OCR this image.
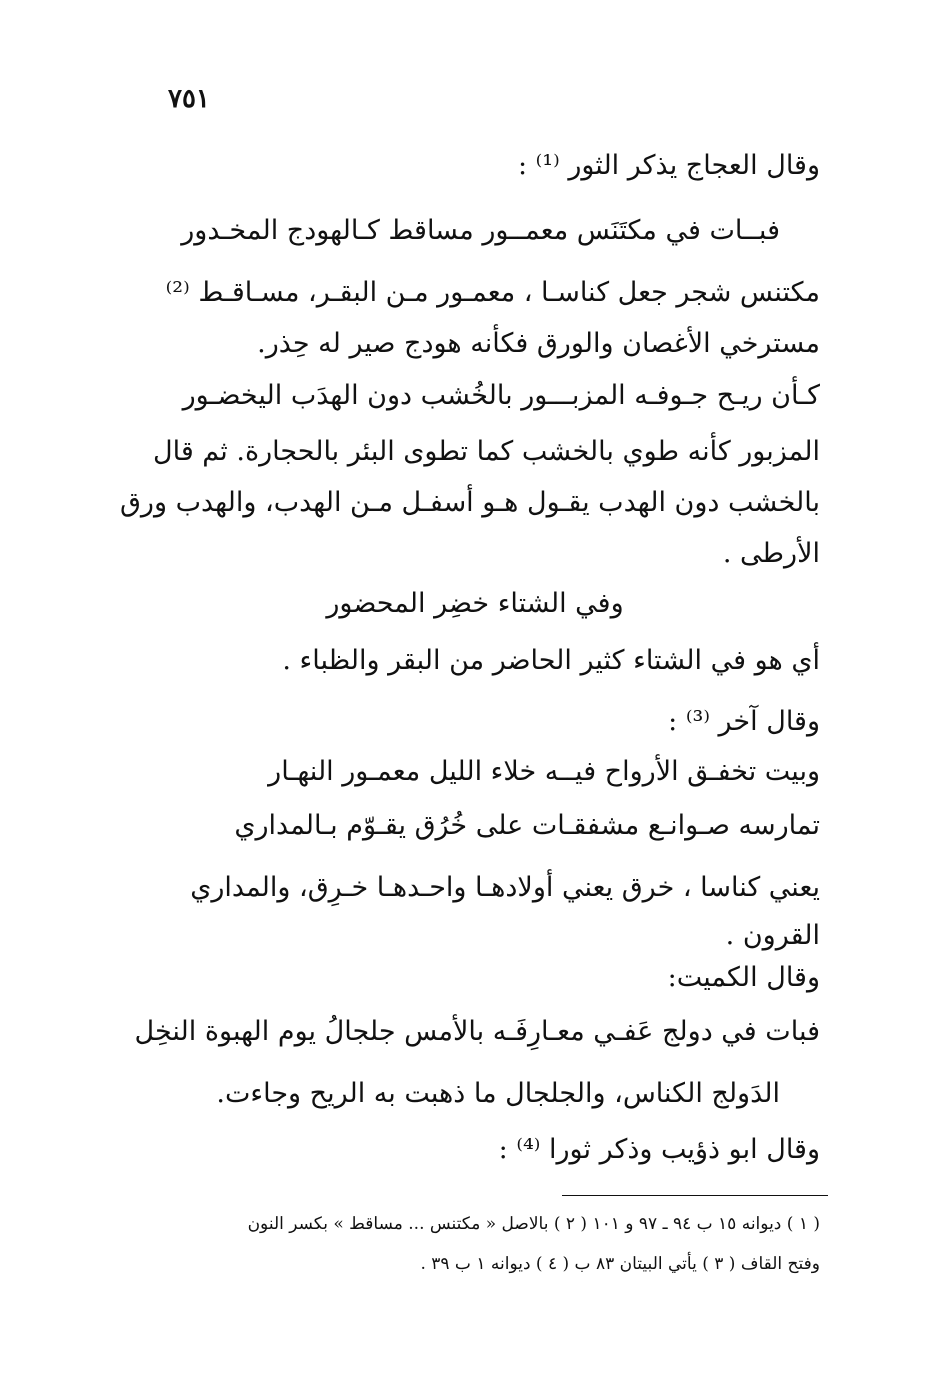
٧٥١
وقال العجاج يذكر الثور ⁽¹⁾ :
فبــات في مكتَنَس معمــور مساقط كـالهودج المخـدور
مكتنس شجر جعل كناسـا ، معمـور مـن البقـر، مسـاقـط ⁽²⁾
مسترخي الأغصان والورق فكأنه هودج صير له حِذر.
كـأن ريـح جـوفـه المزبـــور بالخُشب دون الهدَب اليخضـور
المزبور كأنه طوي بالخشب كما تطوى البئر بالحجارة. ثم قال
بالخشب دون الهدب يقـول هـو أسفـل مـن الهدب، والهدب ورق
الأرطى .
وفي الشتاء خضِر المحضور
أي هو في الشتاء كثير الحاضر من البقر والظباء .
وقال آخر ⁽³⁾ :
وبيت تخفـق الأرواح فيــه خلاء الليل معمـور النهـار
تمارسه صـوانـع مشفقـات على خُرُق يقـوّم بـالمداري
يعني كناسا ، خرق يعني أولادهـا واحـدهـا خـرِق، والمداري
القرون .
وقال الكميت:
فبات في دولج عَفـي معـارِفَـه بالأمس جلجالُ يوم الهبوة النخِل
الدَولج الكناس، والجلجال ما ذهبت به الريح وجاءت.
وقال ابو ذؤيب وذكر ثورا ⁽⁴⁾ :
( ١ ) ديوانه ١٥ ب ٩٤ ـ ٩٧ و ١٠١ ( ٢ ) بالاصل « مكتنس ... مساقط » بكسر النون
وفتح القاف ( ٣ ) يأتي البيتان ٨٣ ب ( ٤ ) ديوانه ١ ب ٣٩ .
